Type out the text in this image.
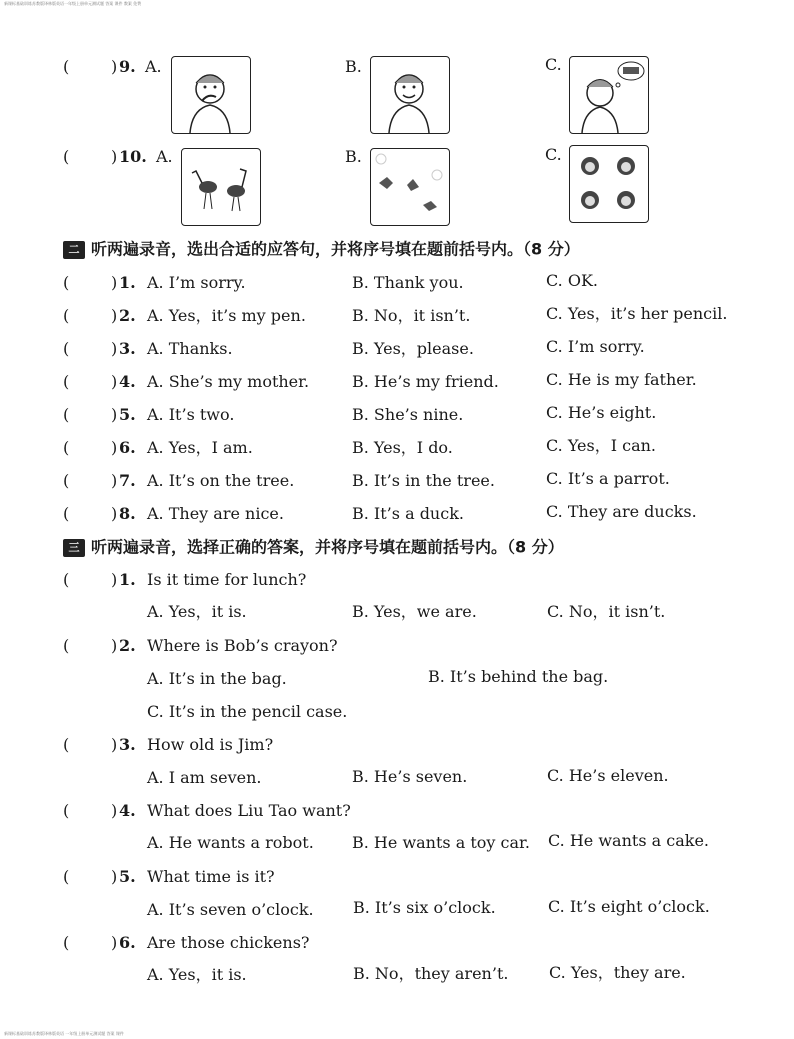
新课标基础训练苏教版译林版英语一年级上册单元测试题 答案 课件 教案 免费
(	) 9. A.	B.	C.
(	) 10. A.	B.	C.
二 听两遍录音，选出合适的应答句，并将序号填在题前括号内。（8 分）
(	) 1. A. I’m sorry.	B. Thank you.	C. OK.
(	) 2. A. Yes，it’s my pen.	B. No，it isn’t.	C. Yes，it’s her pencil.
(	) 3. A. Thanks.	B. Yes，please.	C. I’m sorry.
(	) 4. A. She’s my mother.	B. He’s my friend.	C. He is my father.
(	) 5. A. It’s two.	B. She’s nine.	C. He’s eight.
(	) 6. A. Yes，I am.	B. Yes，I do.	C. Yes，I can.
(	) 7. A. It’s on the tree.	B. It’s in the tree.	C. It’s a parrot.
(	) 8. A. They are nice.	B. It’s a duck.	C. They are ducks.
三 听两遍录音，选择正确的答案，并将序号填在题前括号内。（8 分）
(	) 1. Is it time for lunch?
A. Yes，it is.	B. Yes，we are.	C. No，it isn’t.
(	) 2. Where is Bob’s crayon?
A. It’s in the bag.	B. It’s behind the bag.
C. It’s in the pencil case.
(	) 3. How old is Jim?
A. I am seven.	B. He’s seven.	C. He’s eleven.
(	) 4. What does Liu Tao want?
A. He wants a robot. B. He wants a toy car. C. He wants a cake.
(	) 5. What time is it?
A. It’s seven o’clock. B. It’s six o’clock.	C. It’s eight o’clock.
(	) 6. Are those chickens?
A. Yes，it is.	B. No，they aren’t.	C. Yes，they are.
新课标基础训练苏教版译林版英语 一年级上册单元测试题 答案 课件
